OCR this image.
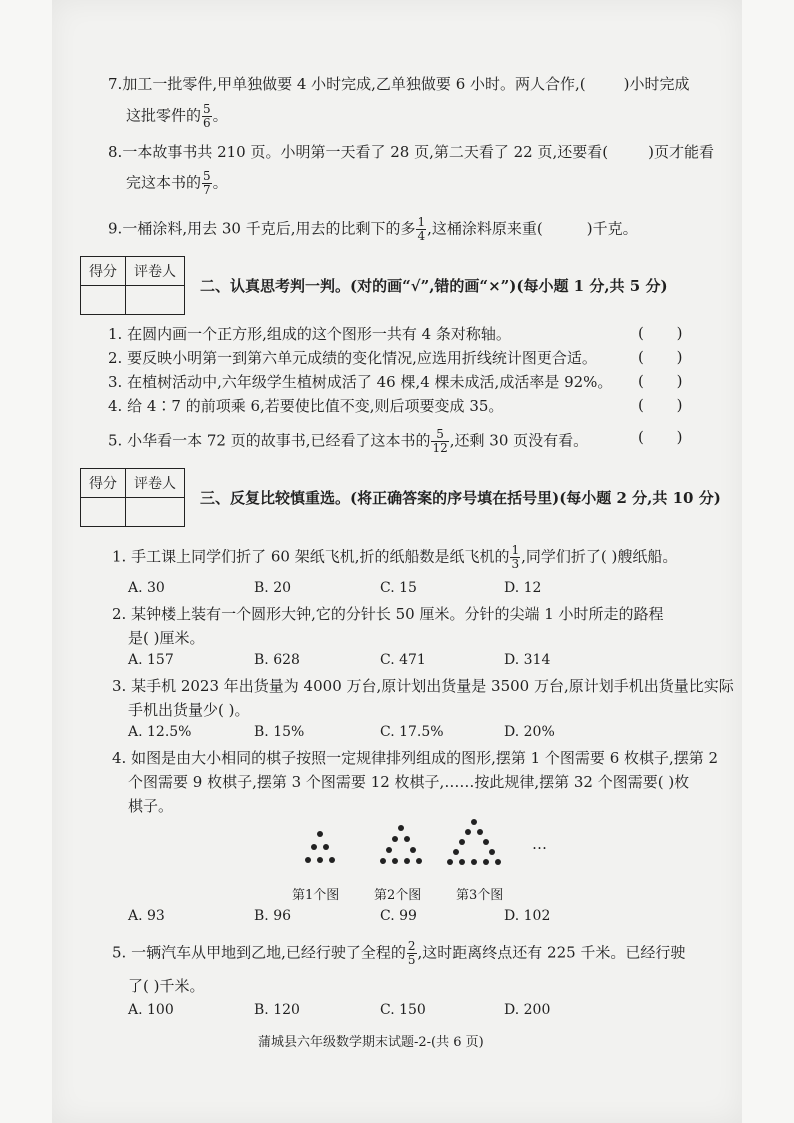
7.加工一批零件,甲单独做要 4 小时完成,乙单独做要 6 小时。两人合作,(	)小时完成
这批零件的 $\frac{5}{6}$ 。
8.一本故事书共 210 页。小明第一天看了 28 页,第二天看了 22 页,还要看(	)页才能看
完这本书的 $\frac{5}{7}$ 。
9.一桶涂料,用去 30 千克后,用去的比剩下的多 $\frac{1}{4}$ ,这桶涂料原来重(	)千克。
得分	评卷人

二、认真思考判一判。(对的画“√”,错的画“×”)(每小题 1 分,共 5 分)
1. 在圆内画一个正方形,组成的这个图形一共有 4 条对称轴。	( )
2. 要反映小明第一到第六单元成绩的变化情况,应选用折线统计图更合适。	( )
3. 在植树活动中,六年级学生植树成活了 46 棵,4 棵未成活,成活率是 92%。 ( )
4. 给 4∶7 的前项乘 6,若要使比值不变,则后项要变成 35。	( )
5. 小华看一本 72 页的故事书,已经看了这本书的 $\frac{5}{12}$ ,还剩 30 页没有看。	( )
得分	评卷人

三、反复比较慎重选。(将正确答案的序号填在括号里)(每小题 2 分,共 10 分)
1. 手工课上同学们折了 60 架纸飞机,折的纸船数是纸飞机的 $\frac{1}{3}$ ,同学们折了( )艘纸船。
A. 30	B. 20	C. 15	D. 12
2. 某钟楼上装有一个圆形大钟,它的分针长 50 厘米。分针的尖端 1 小时所走的路程
是( )厘米。
A. 157	B. 628	C. 471	D. 314
3. 某手机 2023 年出货量为 4000 万台,原计划出货量是 3500 万台,原计划手机出货量比实际
手机出货量少( )。
A. 12.5%	B. 15%	C. 17.5%	D. 20%
4. 如图是由大小相同的棋子按照一定规律排列组成的图形,摆第 1 个图需要 6 枚棋子,摆第 2
个图需要 9 枚棋子,摆第 3 个图需要 12 枚棋子,……按此规律,摆第 32 个图需要( )枚
棋子。
…
第1个图	第2个图	第3个图
A. 93	B. 96	C. 99	D. 102
5. 一辆汽车从甲地到乙地,已经行驶了全程的 $\frac{2}{5}$ ,这时距离终点还有 225 千米。已经行驶
了( )千米。
A. 100	B. 120	C. 150	D. 200
蒲城县六年级数学期末试题-2-(共 6 页)
